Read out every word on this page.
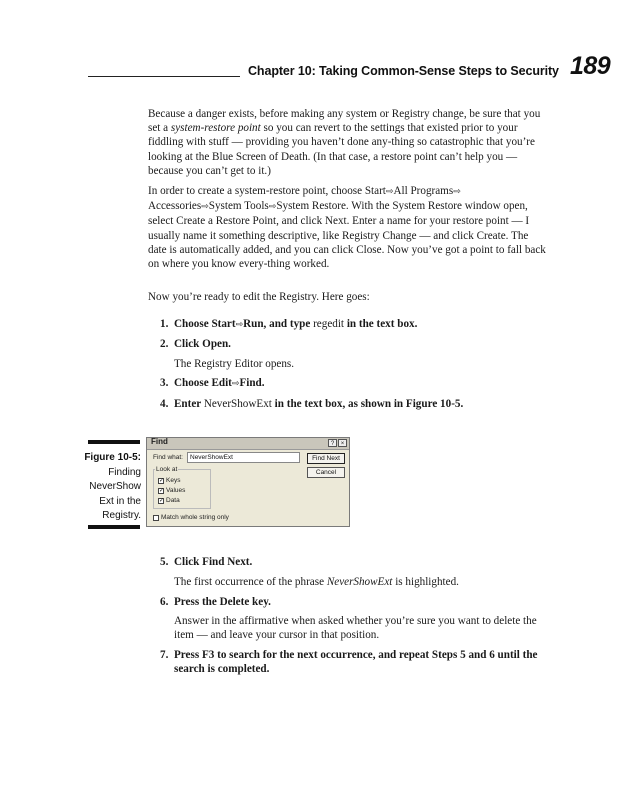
Chapter 10: Taking Common-Sense Steps to Security 189

Because a danger exists, before making any system or Registry change, be sure that you set a system-restore point so you can revert to the settings that existed prior to your fiddling with stuff — providing you haven’t done any-thing so catastrophic that you’re looking at the Blue Screen of Death. (In that case, a restore point can’t help you — because you can’t get to it.)

In order to create a system-restore point, choose Start⇨All Programs⇨ Accessories⇨System Tools⇨System Restore. With the System Restore window open, select Create a Restore Point, and click Next. Enter a name for your restore point — I usually name it something descriptive, like Registry Change — and click Create. The date is automatically added, and you can click Close. Now you’ve got a point to fall back on where you know every-thing worked.

Now you’re ready to edit the Registry. Here goes:

1. Choose Start⇨Run, and type regedit in the text box.

2. Click Open.

The Registry Editor opens.

3. Choose Edit⇨Find.

4. Enter NeverShowExt in the text box, as shown in Figure 10-5.

Figure 10-5:
Finding
NeverShow
Ext in the
Registry.
Find	?	×
Find what:	NeverShowExt	Find Next
Cancel
Look at
✓ Keys
✓ Values
✓ Data
Match whole string only

5. Click Find Next.

The first occurrence of the phrase NeverShowExt is highlighted.

6. Press the Delete key.

Answer in the affirmative when asked whether you’re sure you want to delete the item — and leave your cursor in that position.

7. Press F3 to search for the next occurrence, and repeat Steps 5 and 6 until the search is completed.
